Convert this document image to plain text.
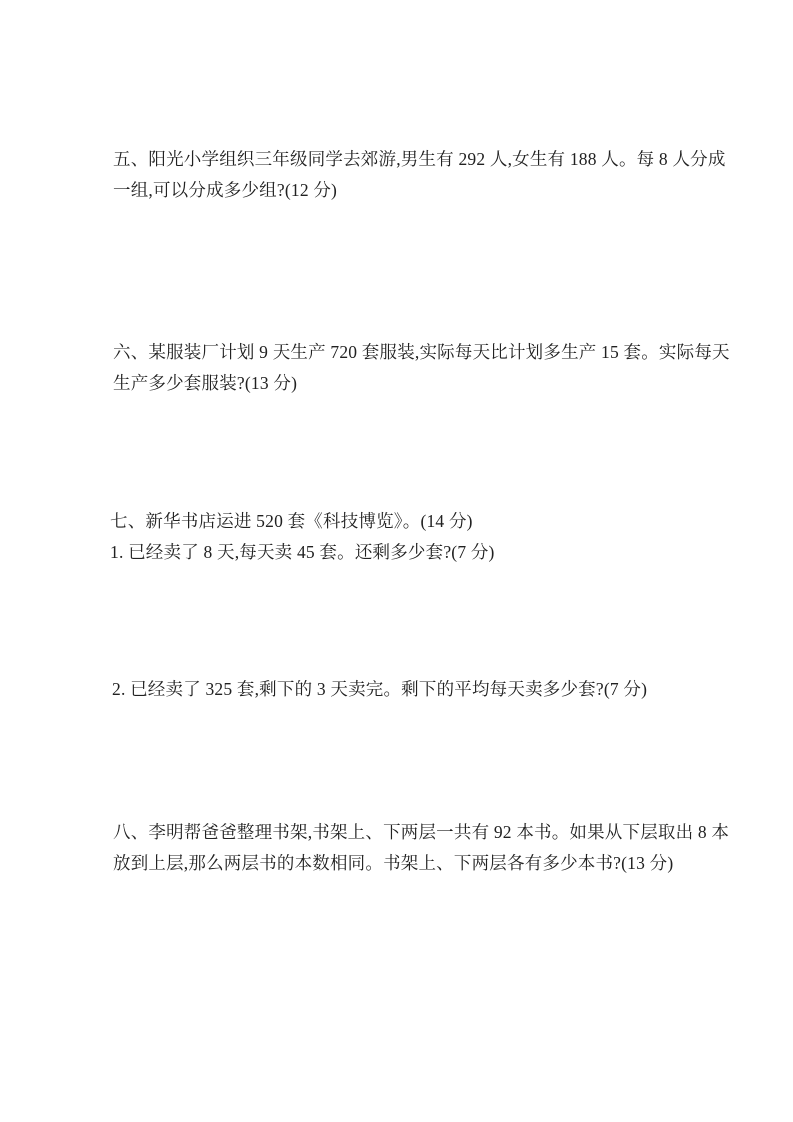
五、阳光小学组织三年级同学去郊游,男生有 292 人,女生有 188 人。每 8 人分成
一组,可以分成多少组?(12 分)
六、某服装厂计划 9 天生产 720 套服装,实际每天比计划多生产 15 套。实际每天
生产多少套服装?(13 分)
七、新华书店运进 520 套《科技博览》。(14 分)
1. 已经卖了 8 天,每天卖 45 套。还剩多少套?(7 分)
2. 已经卖了 325 套,剩下的 3 天卖完。剩下的平均每天卖多少套?(7 分)
八、李明帮爸爸整理书架,书架上、下两层一共有 92 本书。如果从下层取出 8 本
放到上层,那么两层书的本数相同。书架上、下两层各有多少本书?(13 分)
